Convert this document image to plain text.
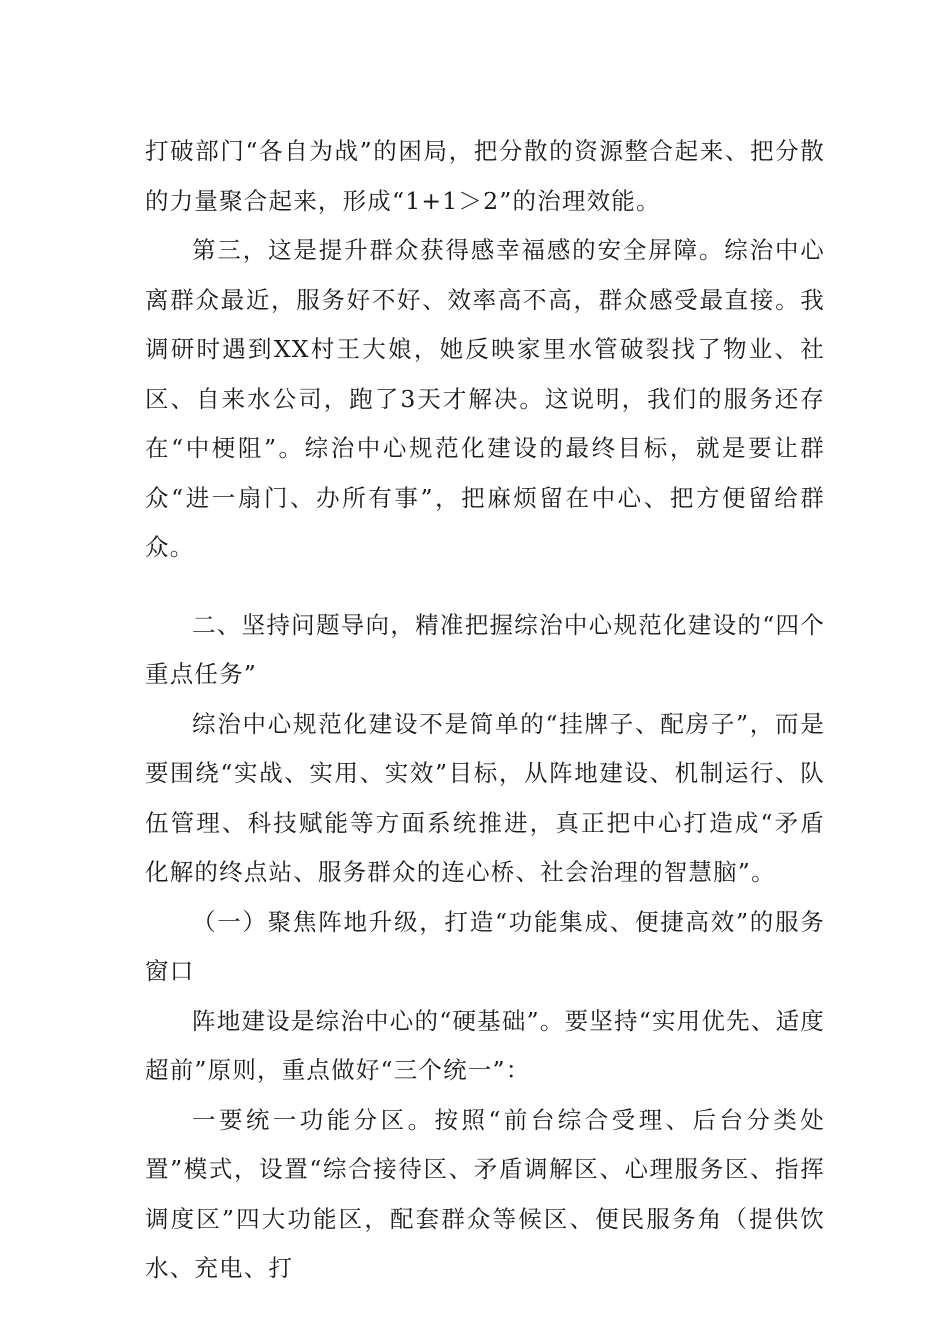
打破部门“各自为战”的困局，把分散的资源整合起来、把分散的力量聚合起来，形成“1+1＞2”的治理效能。

第三，这是提升群众获得感幸福感的安全屏障。综治中心离群众最近，服务好不好、效率高不高，群众感受最直接。我调研时遇到XX村王大娘，她反映家里水管破裂找了物业、社区、自来水公司，跑了3天才解决。这说明，我们的服务还存在“中梗阻”。综治中心规范化建设的最终目标，就是要让群众“进一扇门、办所有事”，把麻烦留在中心、把方便留给群众。

二、坚持问题导向，精准把握综治中心规范化建设的“四个重点任务”

综治中心规范化建设不是简单的“挂牌子、配房子”，而是要围绕“实战、实用、实效”目标，从阵地建设、机制运行、队伍管理、科技赋能等方面系统推进，真正把中心打造成“矛盾化解的终点站、服务群众的连心桥、社会治理的智慧脑”。

（一）聚焦阵地升级，打造“功能集成、便捷高效”的服务窗口

阵地建设是综治中心的“硬基础”。要坚持“实用优先、适度超前”原则，重点做好“三个统一”：

一要统一功能分区。按照“前台综合受理、后台分类处置”模式，设置“综合接待区、矛盾调解区、心理服务区、指挥调度区”四大功能区，配套群众等候区、便民服务角（提供饮水、充电、打
